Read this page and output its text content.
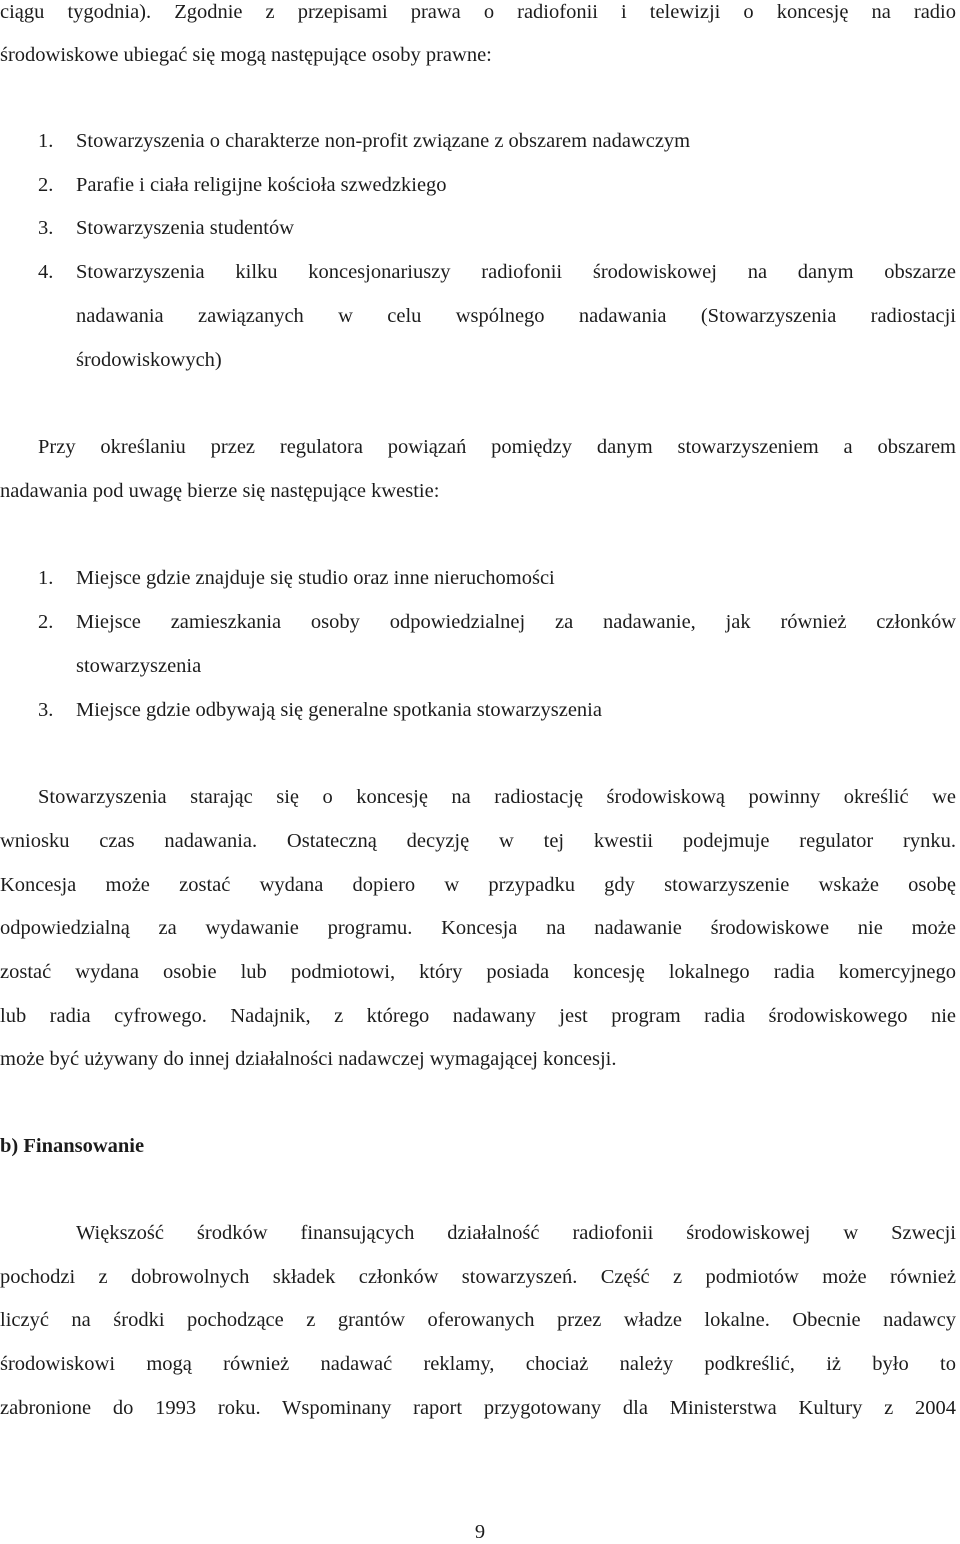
ciągu tygodnia). Zgodnie z przepisami prawa o radiofonii i telewizji o koncesję na radio
środowiskowe ubiegać się mogą następujące osoby prawne:
1. Stowarzyszenia o charakterze non-profit związane z obszarem nadawczym
2. Parafie i ciała religijne kościoła szwedzkiego
3. Stowarzyszenia studentów
4. Stowarzyszenia kilku koncesjonariuszy radiofonii środowiskowej na danym obszarze
nadawania zawiązanych w celu wspólnego nadawania (Stowarzyszenia radiostacji
środowiskowych)
Przy określaniu przez regulatora powiązań pomiędzy danym stowarzyszeniem a obszarem
nadawania pod uwagę bierze się następujące kwestie:
1. Miejsce gdzie znajduje się studio oraz inne nieruchomości
2. Miejsce zamieszkania osoby odpowiedzialnej za nadawanie, jak również członków
stowarzyszenia
3. Miejsce gdzie odbywają się generalne spotkania stowarzyszenia
Stowarzyszenia starając się o koncesję na radiostację środowiskową powinny określić we
wniosku czas nadawania. Ostateczną decyzję w tej kwestii podejmuje regulator rynku.
Koncesja może zostać wydana dopiero w przypadku gdy stowarzyszenie wskaże osobę
odpowiedzialną za wydawanie programu. Koncesja na nadawanie środowiskowe nie może
zostać wydana osobie lub podmiotowi, który posiada koncesję lokalnego radia komercyjnego
lub radia cyfrowego. Nadajnik, z którego nadawany jest program radia środowiskowego nie
może być używany do innej działalności nadawczej wymagającej koncesji.
b) Finansowanie
Większość środków finansujących działalność radiofonii środowiskowej w Szwecji
pochodzi z dobrowolnych składek członków stowarzyszeń. Część z podmiotów może również
liczyć na środki pochodzące z grantów oferowanych przez władze lokalne. Obecnie nadawcy
środowiskowi mogą również nadawać reklamy, chociaż należy podkreślić, iż było to
zabronione do 1993 roku. Wspominany raport przygotowany dla Ministerstwa Kultury z 2004
9
